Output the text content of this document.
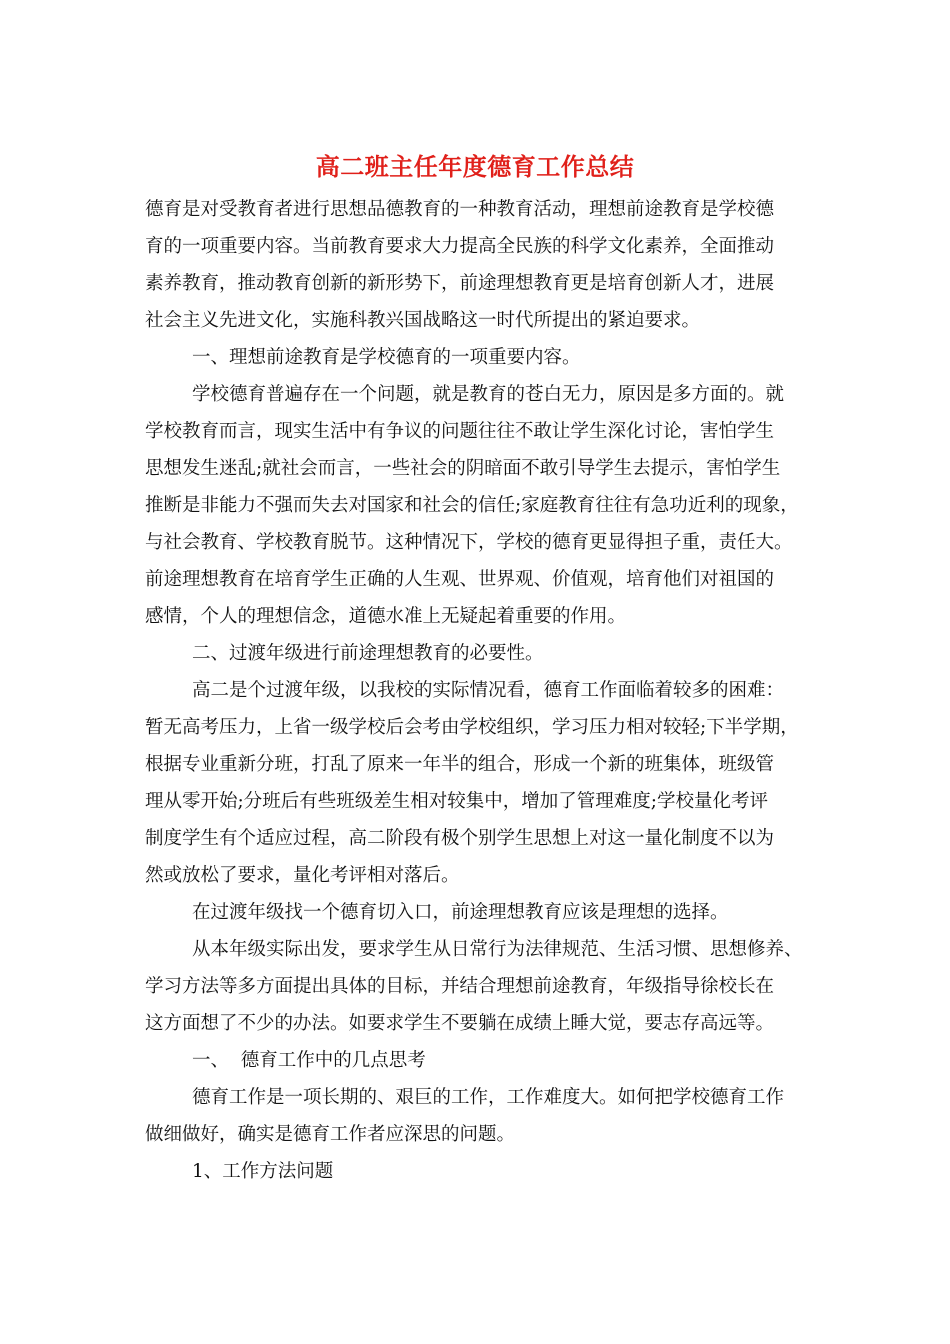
高二班主任年度德育工作总结
德育是对受教育者进行思想品德教育的一种教育活动，理想前途教育是学校德
育的一项重要内容。当前教育要求大力提高全民族的科学文化素养，全面推动
素养教育，推动教育创新的新形势下，前途理想教育更是培育创新人才，进展
社会主义先进文化，实施科教兴国战略这一时代所提出的紧迫要求。
一、理想前途教育是学校德育的一项重要内容。
学校德育普遍存在一个问题，就是教育的苍白无力，原因是多方面的。就
学校教育而言，现实生活中有争议的问题往往不敢让学生深化讨论，害怕学生
思想发生迷乱;就社会而言，一些社会的阴暗面不敢引导学生去提示，害怕学生
推断是非能力不强而失去对国家和社会的信任;家庭教育往往有急功近利的现象，
与社会教育、学校教育脱节。这种情况下，学校的德育更显得担子重，责任大。
前途理想教育在培育学生正确的人生观、世界观、价值观，培育他们对祖国的
感情，个人的理想信念，道德水准上无疑起着重要的作用。
二、过渡年级进行前途理想教育的必要性。
高二是个过渡年级，以我校的实际情况看，德育工作面临着较多的困难：
暂无高考压力，上省一级学校后会考由学校组织，学习压力相对较轻;下半学期，
根据专业重新分班，打乱了原来一年半的组合，形成一个新的班集体，班级管
理从零开始;分班后有些班级差生相对较集中，增加了管理难度;学校量化考评
制度学生有个适应过程，高二阶段有极个别学生思想上对这一量化制度不以为
然或放松了要求，量化考评相对落后。
在过渡年级找一个德育切入口，前途理想教育应该是理想的选择。
从本年级实际出发，要求学生从日常行为法律规范、生活习惯、思想修养、
学习方法等多方面提出具体的目标，并结合理想前途教育，年级指导徐校长在
这方面想了不少的办法。如要求学生不要躺在成绩上睡大觉，要志存高远等。
一、  德育工作中的几点思考
德育工作是一项长期的、艰巨的工作，工作难度大。如何把学校德育工作
做细做好，确实是德育工作者应深思的问题。
1、工作方法问题
